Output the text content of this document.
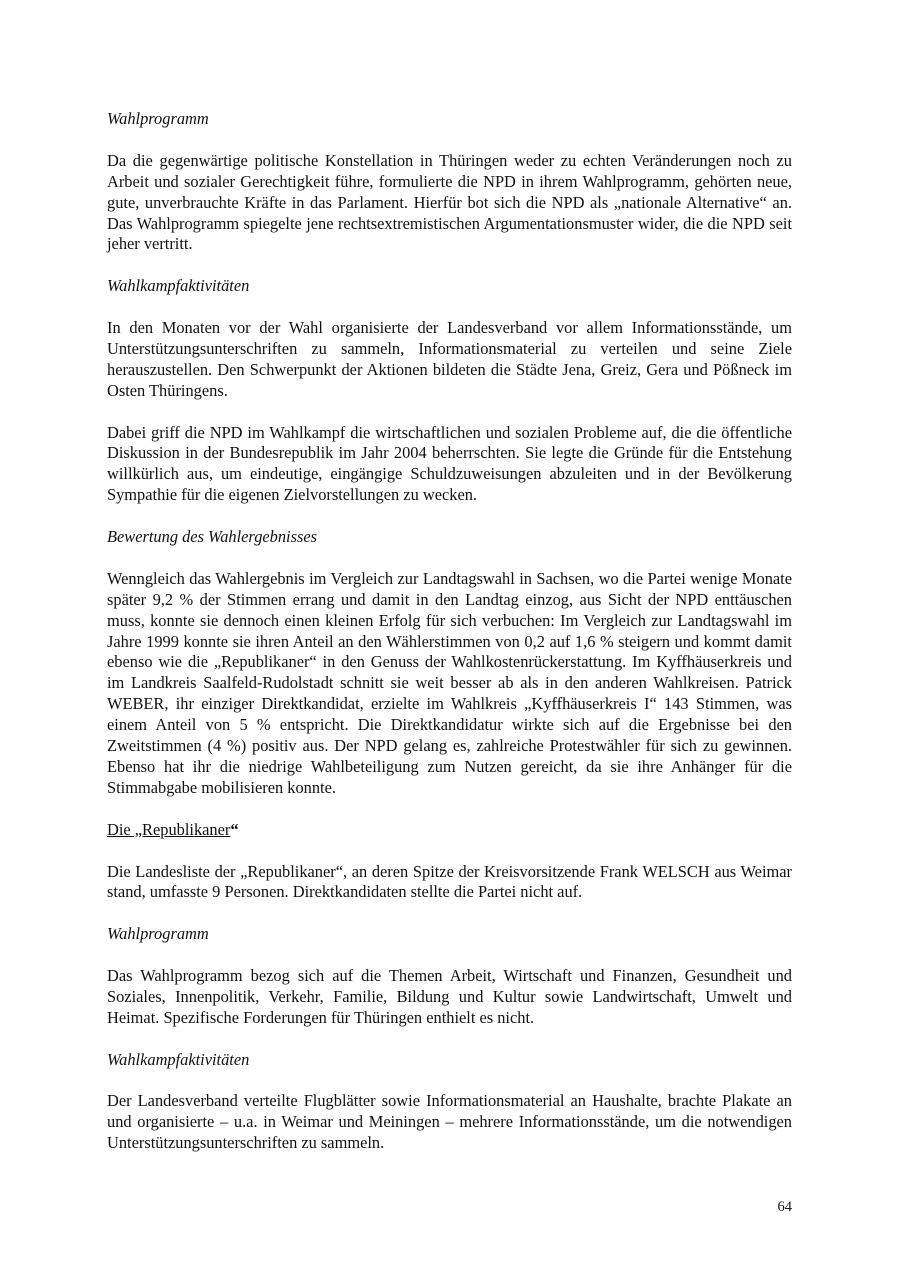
Wahlprogramm

Da die gegenwärtige politische Konstellation in Thüringen weder zu echten Veränderungen noch zu Arbeit und sozialer Gerechtigkeit führe, formulierte die NPD in ihrem Wahlprogramm, gehörten neue, gute, unverbrauchte Kräfte in das Parlament. Hierfür bot sich die NPD als „nationale Alternative“ an. Das Wahlprogramm spiegelte jene rechtsextremistischen Argumentationsmuster wider, die die NPD seit jeher vertritt.

Wahlkampfaktivitäten

In den Monaten vor der Wahl organisierte der Landesverband vor allem Informationsstände, um Unterstützungsunterschriften zu sammeln, Informationsmaterial zu verteilen und seine Ziele herauszustellen. Den Schwerpunkt der Aktionen bildeten die Städte Jena, Greiz, Gera und Pößneck im Osten Thüringens.

Dabei griff die NPD im Wahlkampf die wirtschaftlichen und sozialen Probleme auf, die die öffentliche Diskussion in der Bundesrepublik im Jahr 2004 beherrschten. Sie legte die Gründe für die Entstehung willkürlich aus, um eindeutige, eingängige Schuldzuweisungen abzuleiten und in der Bevölkerung Sympathie für die eigenen Zielvorstellungen zu wecken.

Bewertung des Wahlergebnisses

Wenngleich das Wahlergebnis im Vergleich zur Landtagswahl in Sachsen, wo die Partei wenige Monate später 9,2 % der Stimmen errang und damit in den Landtag einzog, aus Sicht der NPD enttäuschen muss, konnte sie dennoch einen kleinen Erfolg für sich verbuchen: Im Vergleich zur Landtagswahl im Jahre 1999 konnte sie ihren Anteil an den Wählerstimmen von 0,2 auf 1,6 % steigern und kommt damit ebenso wie die „Republikaner“ in den Genuss der Wahlkostenrückerstattung. Im Kyffhäuserkreis und im Landkreis Saalfeld-Rudolstadt schnitt sie weit besser ab als in den anderen Wahlkreisen. Patrick WEBER, ihr einziger Direktkandidat, erzielte im Wahlkreis „Kyffhäuserkreis I“ 143 Stimmen, was einem Anteil von 5 % entspricht. Die Direktkandidatur wirkte sich auf die Ergebnisse bei den Zweitstimmen (4 %) positiv aus. Der NPD gelang es, zahlreiche Protestwähler für sich zu gewinnen. Ebenso hat ihr die niedrige Wahlbeteiligung zum Nutzen gereicht, da sie ihre Anhänger für die Stimmabgabe mobilisieren konnte.

Die „Republikaner“

Die Landesliste der „Republikaner“, an deren Spitze der Kreisvorsitzende Frank WELSCH aus Weimar stand, umfasste 9 Personen. Direktkandidaten stellte die Partei nicht auf.

Wahlprogramm

Das Wahlprogramm bezog sich auf die Themen Arbeit, Wirtschaft und Finanzen, Gesundheit und Soziales, Innenpolitik, Verkehr, Familie, Bildung und Kultur sowie Landwirtschaft, Umwelt und Heimat. Spezifische Forderungen für Thüringen enthielt es nicht.

Wahlkampfaktivitäten

Der Landesverband verteilte Flugblätter sowie Informationsmaterial an Haushalte, brachte Plakate an und organisierte – u.a. in Weimar und Meiningen – mehrere Informationsstände, um die notwendigen Unterstützungsunterschriften zu sammeln.

64
